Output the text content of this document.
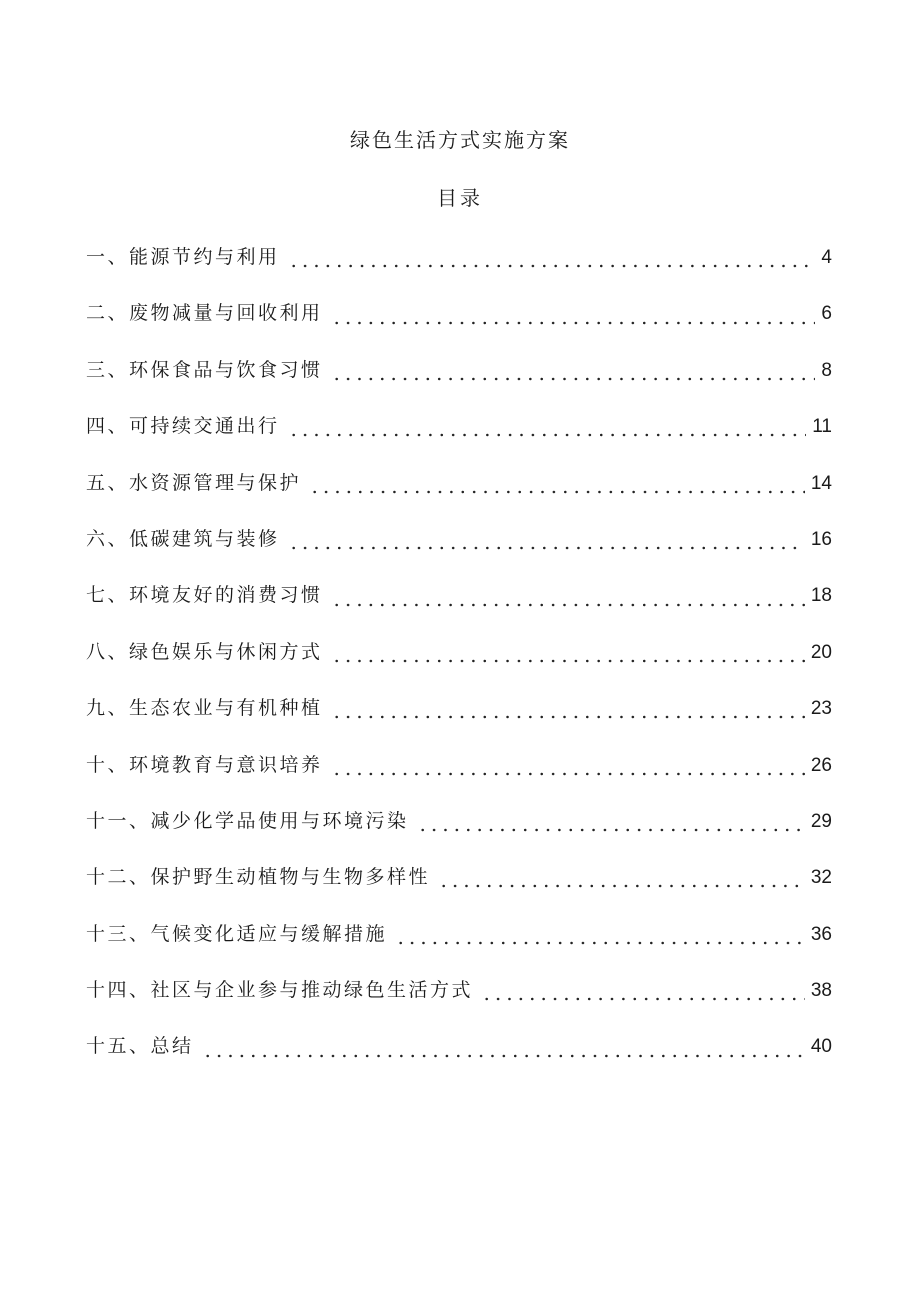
绿色生活方式实施方案
目录
一、能源节约与利用	4
二、废物减量与回收利用	6
三、环保食品与饮食习惯	8
四、可持续交通出行	11
五、水资源管理与保护	14
六、低碳建筑与装修	16
七、环境友好的消费习惯	18
八、绿色娱乐与休闲方式	20
九、生态农业与有机种植	23
十、环境教育与意识培养	26
十一、减少化学品使用与环境污染	29
十二、保护野生动植物与生物多样性	32
十三、气候变化适应与缓解措施	36
十四、社区与企业参与推动绿色生活方式	38
十五、总结	40
